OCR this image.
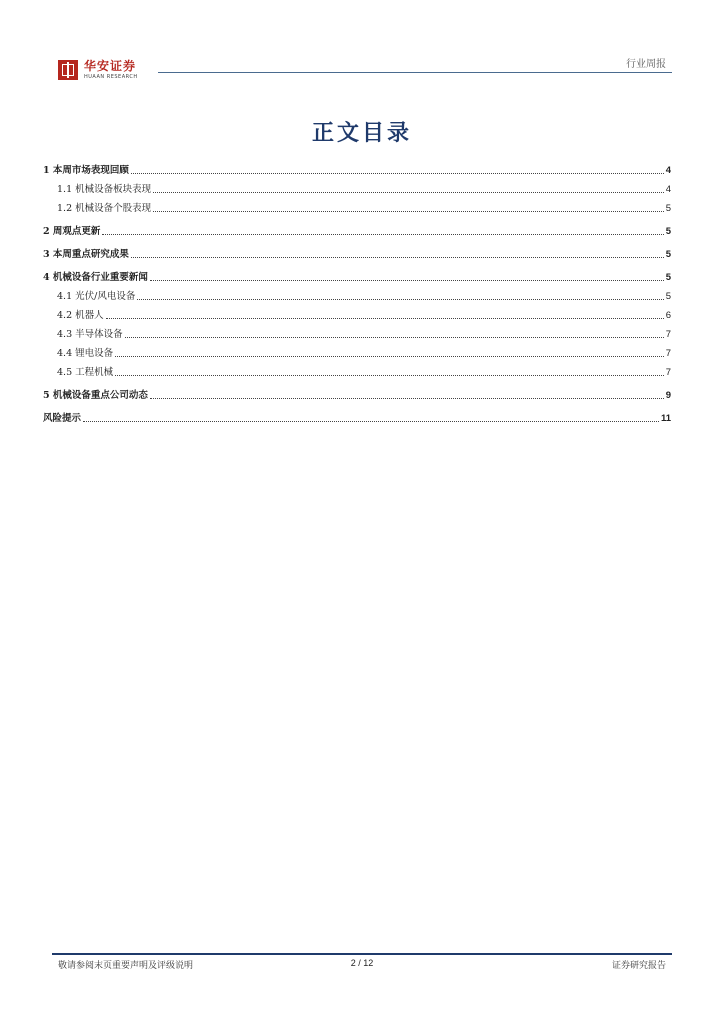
华安证券
HUAAN RESEARCH
行业周报
正文目录
1 本周市场表现回顾	4
1.1 机械设备板块表现	4
1.2 机械设备个股表现	5
2 周观点更新	5
3 本周重点研究成果	5
4 机械设备行业重要新闻	5
4.1 光伏/风电设备	5
4.2 机器人	6
4.3 半导体设备	7
4.4 锂电设备	7
4.5 工程机械	7
5 机械设备重点公司动态	9
风险提示	11
敬请参阅末页重要声明及评级说明	2 / 12	证券研究报告
